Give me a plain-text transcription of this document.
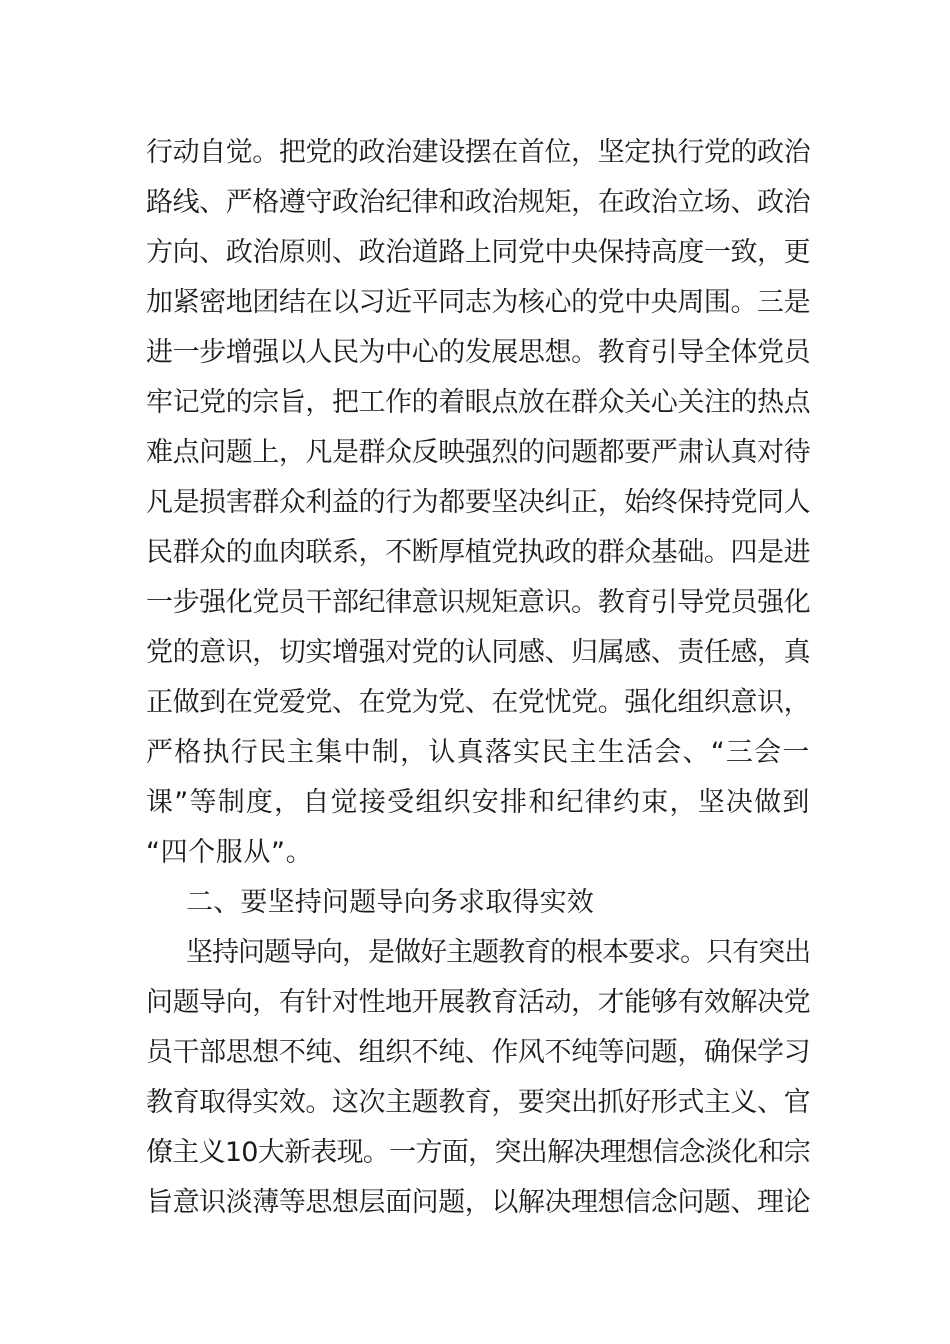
行动自觉。把党的政治建设摆在首位，坚定执行党的政治
路线、严格遵守政治纪律和政治规矩，在政治立场、政治
方向、政治原则、政治道路上同党中央保持高度一致，更
加紧密地团结在以习近平同志为核心的党中央周围。三是
进一步增强以人民为中心的发展思想。教育引导全体党员
牢记党的宗旨，把工作的着眼点放在群众关心关注的热点
难点问题上，凡是群众反映强烈的问题都要严肃认真对待
凡是损害群众利益的行为都要坚决纠正，始终保持党同人
民群众的血肉联系，不断厚植党执政的群众基础。四是进
一步强化党员干部纪律意识规矩意识。教育引导党员强化
党的意识，切实增强对党的认同感、归属感、责任感，真
正做到在党爱党、在党为党、在党忧党。强化组织意识，
严格执行民主集中制，认真落实民主生活会、“三会一
课”等制度，自觉接受组织安排和纪律约束，坚决做到
“四个服从”。
二、要坚持问题导向务求取得实效
坚持问题导向，是做好主题教育的根本要求。只有突出
问题导向，有针对性地开展教育活动，才能够有效解决党
员干部思想不纯、组织不纯、作风不纯等问题，确保学习
教育取得实效。这次主题教育，要突出抓好形式主义、官
僚主义10大新表现。一方面，突出解决理想信念淡化和宗
旨意识淡薄等思想层面问题，以解决理想信念问题、理论
